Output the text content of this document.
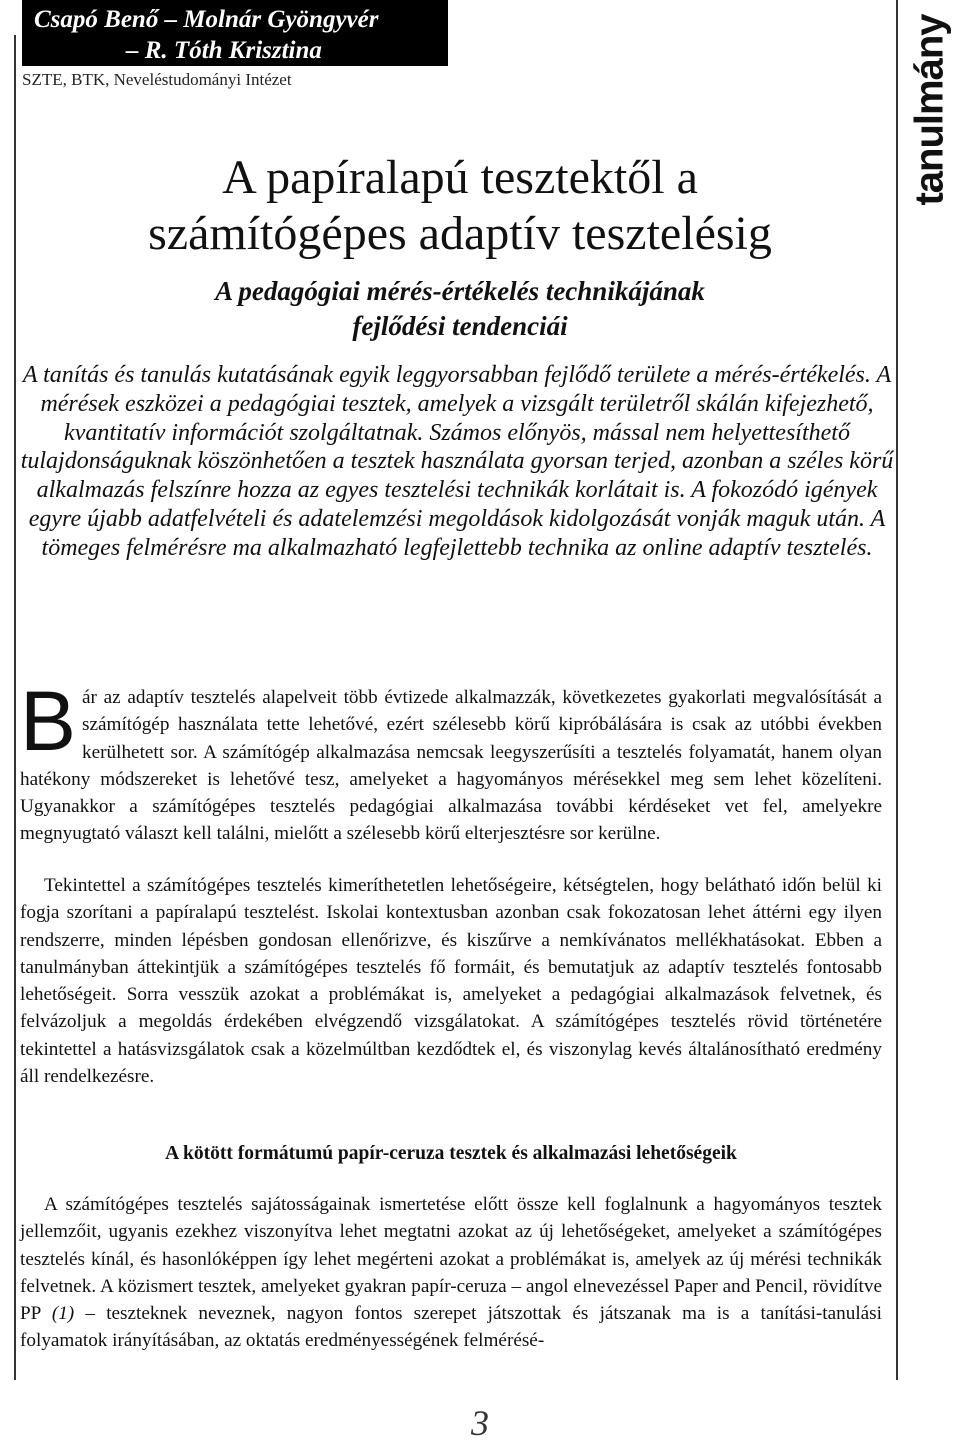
Csapó Benő – Molnár Gyöngyvér
– R. Tóth Krisztina
SZTE, BTK, Neveléstudományi Intézet	tanulmány
A papíralapú tesztektől a
számítógépes adaptív tesztelésig
A pedagógiai mérés-értékelés technikájának
fejlődési tendenciái

A tanítás és tanulás kutatásának egyik leggyorsabban fejlődő területe a mérés-értékelés. A mérések eszközei a pedagógiai tesztek, amelyek a vizsgált területről skálán kifejezhető, kvantitatív információt szolgáltatnak. Számos előnyös, mással nem helyettesíthető tulajdonságuknak köszönhetően a tesztek használata gyorsan terjed, azonban a széles körű alkalmazás felszínre hozza az egyes tesztelési technikák korlátait is. A fokozódó igények egyre újabb adatfelvételi és adatelemzési megoldások kidolgozását vonják maguk után. A tömeges felmérésre ma alkalmazható legfejlettebb technika az online adaptív tesztelés.

Bár az adaptív tesztelés alapelveit több évtizede alkalmazzák, következetes gyakorlati megvalósítását a számítógép használata tette lehetővé, ezért szélesebb körű kipróbálására is csak az utóbbi években kerülhetett sor. A számítógép alkalmazása nemcsak leegyszerűsíti a tesztelés folyamatát, hanem olyan hatékony módszereket is lehetővé tesz, amelyeket a hagyományos mérésekkel meg sem lehet közelíteni. Ugyanakkor a számítógépes tesztelés pedagógiai alkalmazása további kérdéseket vet fel, amelyekre megnyugtató választ kell találni, mielőtt a szélesebb körű elterjesztésre sor kerülne.

Tekintettel a számítógépes tesztelés kimeríthetetlen lehetőségeire, kétségtelen, hogy belátható időn belül ki fogja szorítani a papíralapú tesztelést. Iskolai kontextusban azonban csak fokozatosan lehet áttérni egy ilyen rendszerre, minden lépésben gondosan ellenőrizve, és kiszűrve a nemkívánatos mellékhatásokat. Ebben a tanulmányban áttekintjük a számítógépes tesztelés fő formáit, és bemutatjuk az adaptív tesztelés fontosabb lehetőségeit. Sorra vesszük azokat a problémákat is, amelyeket a pedagógiai alkalmazások felvetnek, és felvázoljuk a megoldás érdekében elvégzendő vizsgálatokat. A számítógépes tesztelés rövid történetére tekintettel a hatásvizsgálatok csak a közelmúltban kezdődtek el, és viszonylag kevés általánosítható eredmény áll rendelkezésre.

A kötött formátumú papír-ceruza tesztek és alkalmazási lehetőségeik

A számítógépes tesztelés sajátosságainak ismertetése előtt össze kell foglalnunk a hagyományos tesztek jellemzőit, ugyanis ezekhez viszonyítva lehet megtatni azokat az új lehetőségeket, amelyeket a számítógépes tesztelés kínál, és hasonlóképpen így lehet megérteni azokat a problémákat is, amelyek az új mérési technikák felvetnek. A közismert tesztek, amelyeket gyakran papír-ceruza – angol elnevezéssel Paper and Pencil, rövidítve PP (1) – teszteknek neveznek, nagyon fontos szerepet játszottak és játszanak ma is a tanítási-tanulási folyamatok irányításában, az oktatás eredményességének felmérésé-

3
